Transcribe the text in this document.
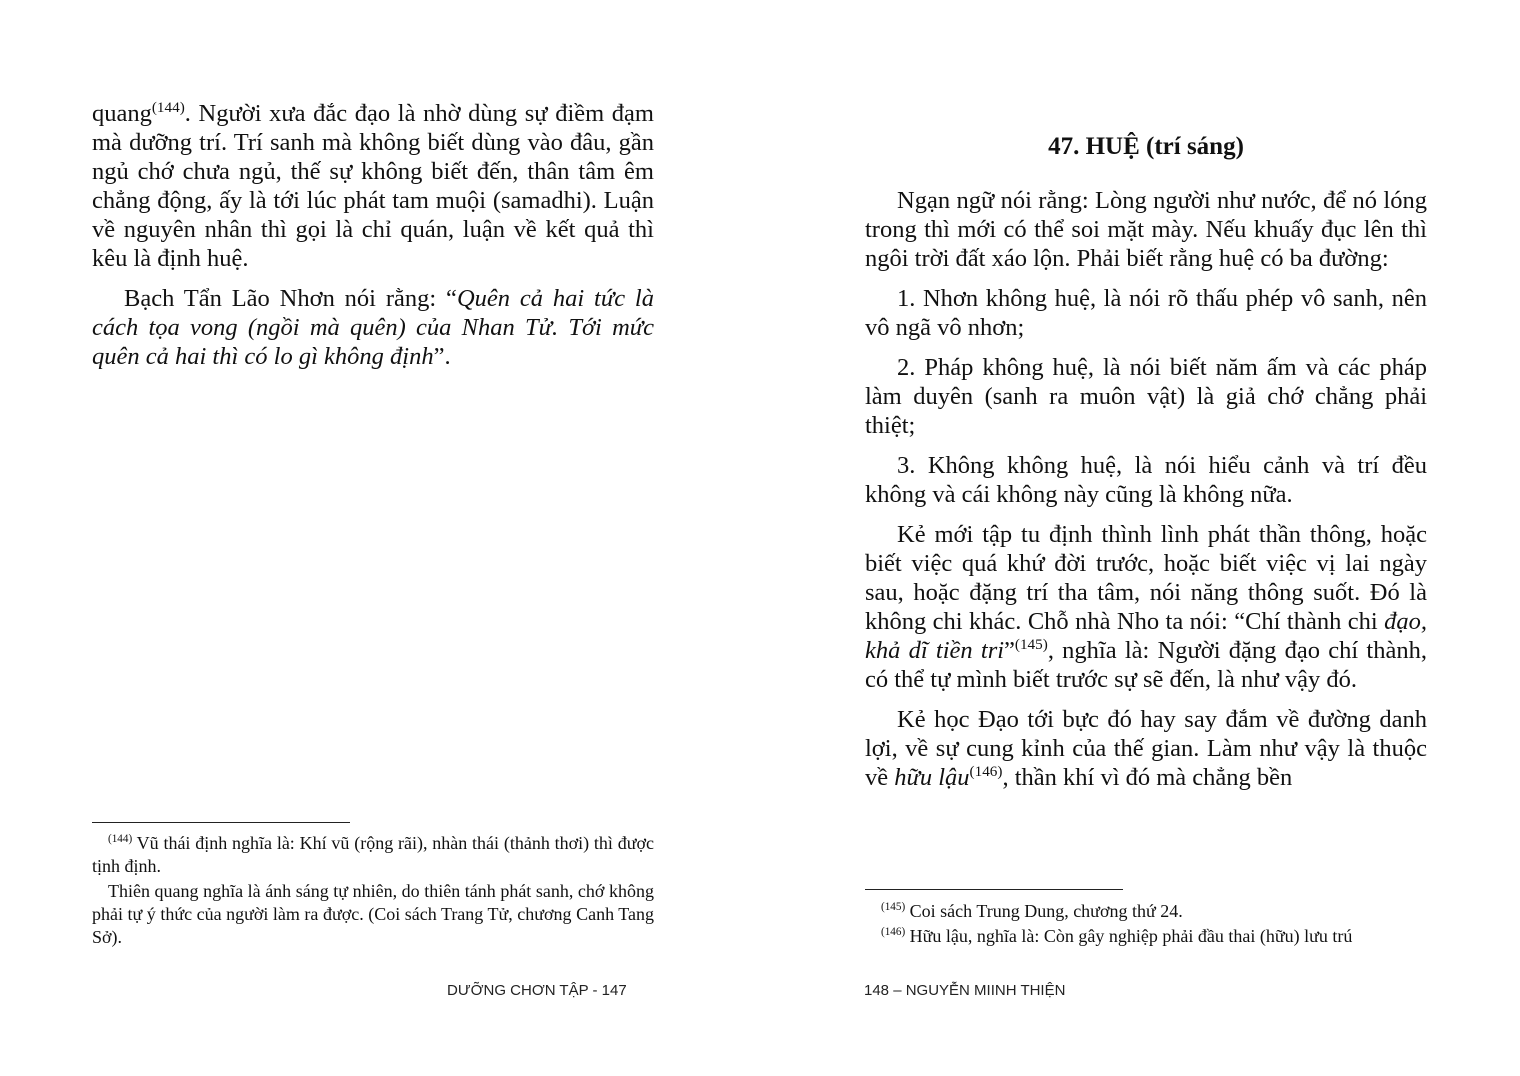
quang$^{(144)}$. Người xưa đắc đạo là nhờ dùng sự điềm đạm mà dưỡng trí. Trí sanh mà không biết dùng vào đâu, gần ngủ chớ chưa ngủ, thế sự không biết đến, thân tâm êm chẳng động, ấy là tới lúc phát tam muội (samadhi). Luận về nguyên nhân thì gọi là chỉ quán, luận về kết quả thì kêu là định huệ.

Bạch Tẩn Lão Nhơn nói rằng: “Quên cả hai tức là cách tọa vong (ngồi mà quên) của Nhan Tử. Tới mức quên cả hai thì có lo gì không định”.

$^{(144)}$ Vũ thái định nghĩa là: Khí vũ (rộng rãi), nhàn thái (thảnh thơi) thì được tịnh định.

Thiên quang nghĩa là ánh sáng tự nhiên, do thiên tánh phát sanh, chớ không phải tự ý thức của người làm ra được. (Coi sách Trang Tử, chương Canh Tang Sở).

DƯỠNG CHƠN TẬP - 147
47. HUỆ (trí sáng)

Ngạn ngữ nói rằng: Lòng người như nước, để nó lóng trong thì mới có thể soi mặt mày. Nếu khuấy đục lên thì ngôi trời đất xáo lộn. Phải biết rằng huệ có ba đường:

1. Nhơn không huệ, là nói rõ thấu phép vô sanh, nên vô ngã vô nhơn;

2. Pháp không huệ, là nói biết năm ấm và các pháp làm duyên (sanh ra muôn vật) là giả chớ chẳng phải thiệt;

3. Không không huệ, là nói hiểu cảnh và trí đều không và cái không này cũng là không nữa.

Kẻ mới tập tu định thình lình phát thần thông, hoặc biết việc quá khứ đời trước, hoặc biết việc vị lai ngày sau, hoặc đặng trí tha tâm, nói năng thông suốt. Đó là không chi khác. Chỗ nhà Nho ta nói: “Chí thành chi đạo, khả dĩ tiền tri”$^{(145)}$, nghĩa là: Người đặng đạo chí thành, có thể tự mình biết trước sự sẽ đến, là như vậy đó.

Kẻ học Đạo tới bực đó hay say đắm về đường danh lợi, về sự cung kỉnh của thế gian. Làm như vậy là thuộc về hữu lậu$^{(146)}$, thần khí vì đó mà chẳng bền

$^{(145)}$ Coi sách Trung Dung, chương thứ 24.

$^{(146)}$ Hữu lậu, nghĩa là: Còn gây nghiệp phải đầu thai (hữu) lưu trú

148 – NGUYỄN MIINH THIỆN
